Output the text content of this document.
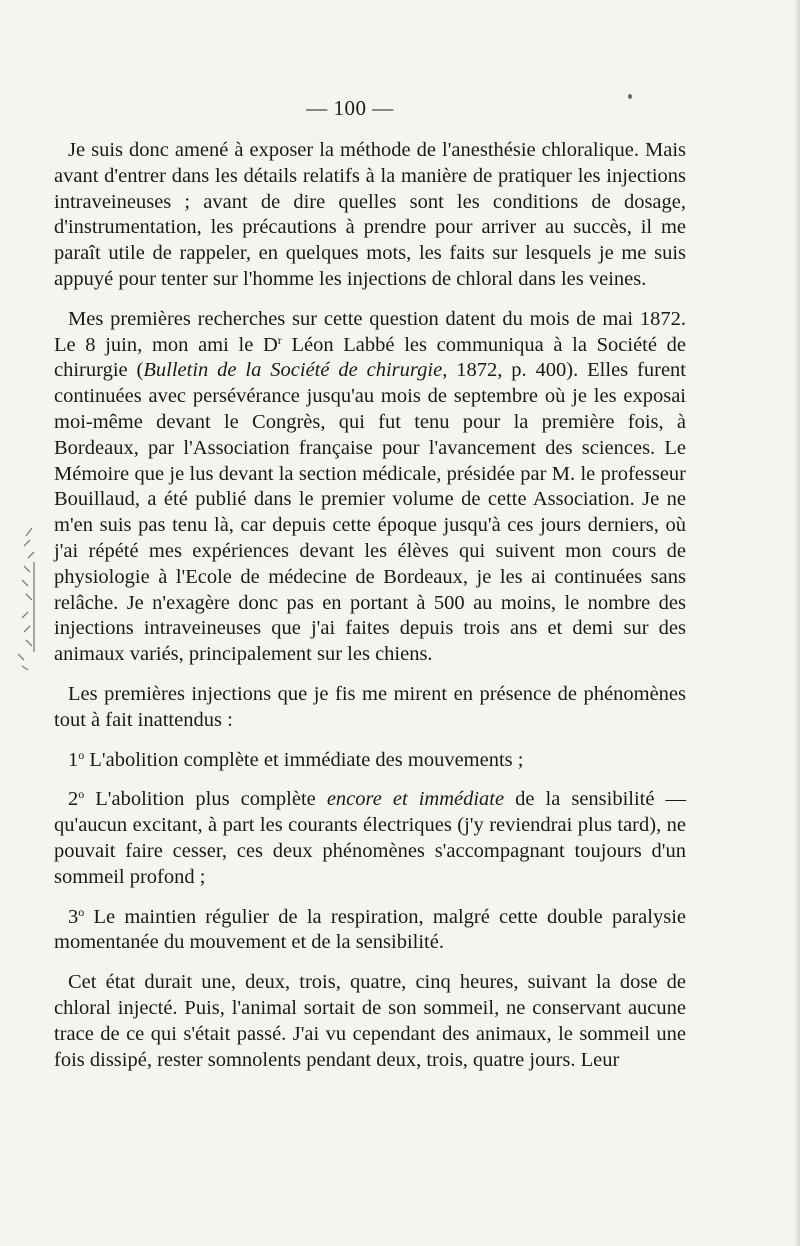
— 100 —

Je suis donc amené à exposer la méthode de l'anesthésie chloralique. Mais avant d'entrer dans les détails relatifs à la manière de pratiquer les injections intraveineuses ; avant de dire quelles sont les conditions de dosage, d'instrumentation, les précautions à prendre pour arriver au succès, il me paraît utile de rappeler, en quelques mots, les faits sur lesquels je me suis appuyé pour tenter sur l'homme les injections de chloral dans les veines.

Mes premières recherches sur cette question datent du mois de mai 1872. Le 8 juin, mon ami le $D^r$ Léon Labbé les communiqua à la Société de chirurgie (Bulletin de la Société de chirurgie, 1872, p. 400). Elles furent continuées avec persévérance jusqu'au mois de septembre où je les exposai moi-même devant le Congrès, qui fut tenu pour la première fois, à Bordeaux, par l'Association française pour l'avancement des sciences. Le Mémoire que je lus devant la section médicale, présidée par M. le professeur Bouillaud, a été publié dans le premier volume de cette Association. Je ne m'en suis pas tenu là, car depuis cette époque jusqu'à ces jours derniers, où j'ai répété mes expériences devant les élèves qui suivent mon cours de physiologie à l'Ecole de médecine de Bordeaux, je les ai continuées sans relâche. Je n'exagère donc pas en portant à 500 au moins, le nombre des injections intraveineuses que j'ai faites depuis trois ans et demi sur des animaux variés, principalement sur les chiens.

Les premières injections que je fis me mirent en présence de phénomènes tout à fait inattendus :

1$^o$ L'abolition complète et immédiate des mouvements ;

2$^o$ L'abolition plus complète encore et immédiate de la sensibilité — qu'aucun excitant, à part les courants électriques (j'y reviendrai plus tard), ne pouvait faire cesser, ces deux phénomènes s'accompagnant toujours d'un sommeil profond ;

3$^o$ Le maintien régulier de la respiration, malgré cette double paralysie momentanée du mouvement et de la sensibilité.

Cet état durait une, deux, trois, quatre, cinq heures, suivant la dose de chloral injecté. Puis, l'animal sortait de son sommeil, ne conservant aucune trace de ce qui s'était passé. J'ai vu cependant des animaux, le sommeil une fois dissipé, rester somnolents pendant deux, trois, quatre jours. Leur
